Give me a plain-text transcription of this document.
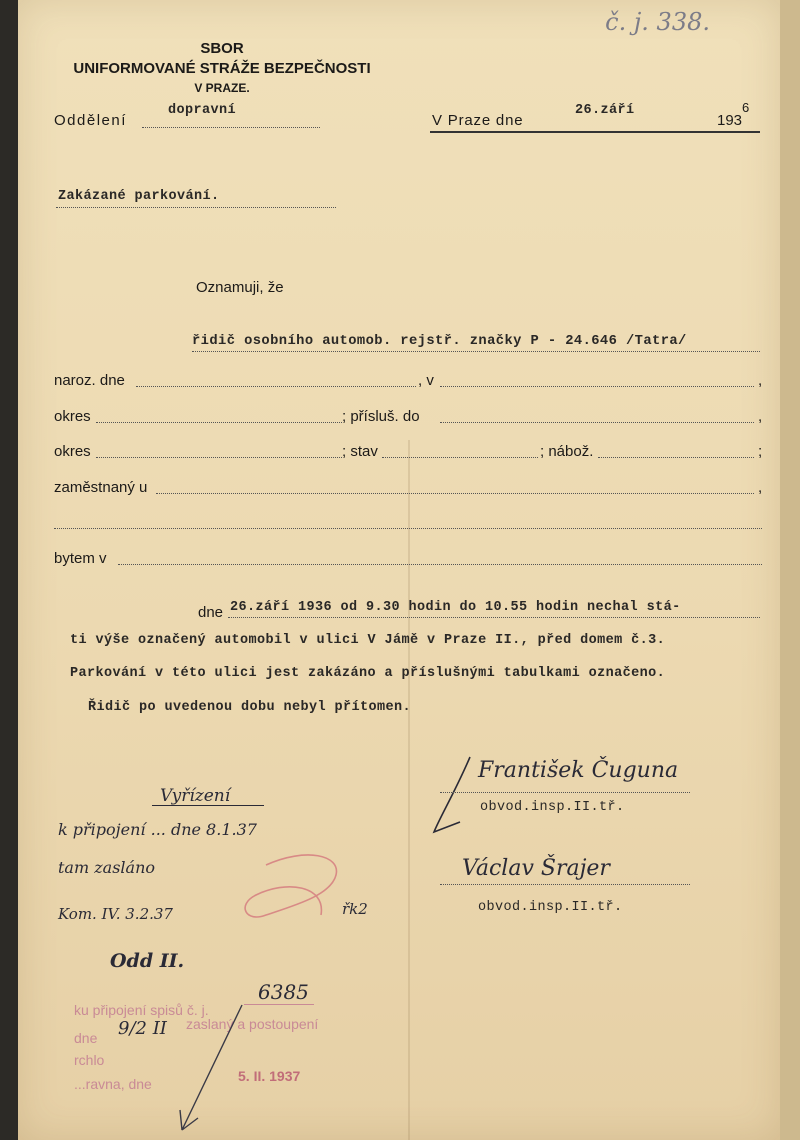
č. j. 338.
SBOR
UNIFORMOVANÉ STRÁŽE BEZPEČNOSTI
V PRAZE.
Oddělení
dopravní
V Praze dne
26.září
193
6
Zakázané parkování.
Oznamuji, že
řidič osobního automob. rejstř. značky P - 24.646 /Tatra/
naroz. dne	, v	,
okres	; přísluš. do	,
okres	; stav	; nábož.	;
zaměstnaný u	,
bytem v
dne 26.září 1936 od 9.30 hodin do 10.55 hodin nechal stá-
ti výše označený automobil v ulici V Jámě v Praze II., před domem č.3.
Parkování v této ulici jest zakázáno a příslušnými tabulkami označeno.
Řidič po uvedenou dobu nebyl přítomen.
František Čuguna
obvod.insp.II.tř.
Václav Šrajer
obvod.insp.II.tř.
Vyřízení
k připojení ... dne 8.1.37
tam zasláno
Kom. IV. 3.2.37
Odd II.
řk2
ku připojení spisů č. j.
6385
dne 9/2 II zaslaný a postoupení
rchlo
...ravna, dne	5. II. 1937
